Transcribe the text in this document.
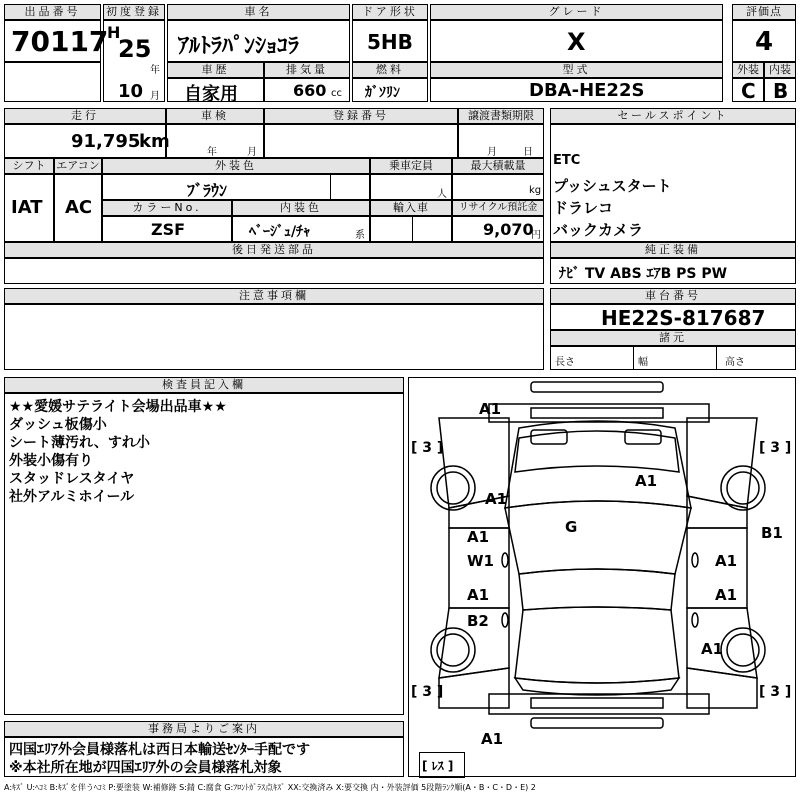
出品番号
70117
初度登録
H
25
年
10 月
車名
ｱﾙﾄﾗﾊﾟﾝｼｮｺﾗ
ドア形状
5HB
グレード
X
評価点
4
車歴
自家用
排気量
660 cc
燃料
ｶﾞｿﾘﾝ
型式
DBA-HE22S
外装
C
内装
B
走行
91,795
km
車検
年	月
登録番号	譲渡書類期限
月	日
シフト
IAT
エアコン
AC
外装色
ﾌﾞﾗｳﾝ
乗車定員
人
最大積載量
kg
カラーNo.
ZSF
内装色
ﾍﾞｰｼﾞｭ/ﾁｬ	系
輸入車	リサイクル預託金
9,070
円
後日発送部品
セールスポイント
ETC
プッシュスタート
ドラレコ
バックカメラ
純正装備
ﾅﾋﾞ TV ABS ｴｱB PS PW
注意事項欄	車台番号
HE22S-817687
諸元
長さ	幅	高さ
検査員記入欄
★★愛媛サテライト会場出品車★★
ダッシュ板傷小
シート薄汚れ、すれ小
外装小傷有り
スタッドレスタイヤ
社外アルミホイール
事務局よりご案内
四国ｴﾘｱ外会員様落札は西日本輸送ｾﾝﾀｰ手配です
※本社所在地が四国ｴﾘｱ外の会員様落札対象
A1
A1
G
A1
A1
W1
A1
B2
B1
A1
A1
A1
A1
[ 3 ]	[ 3 ]
[ 3 ]	[ 3 ]
[ ﾚｽ ]
A:ｷｽﾞ U:ﾍｺﾐ B:ｷｽﾞを伴うﾍｺﾐ P:要塗装 W:補修跡 S:錆 C:腐食 G:ﾌﾛﾝﾄｶﾞﾗｽ点ｷｽﾞ XX:交換済み X:要交換 内・外装評価 5段階ﾗﾝｸ順(A・B・C・D・E) 2
